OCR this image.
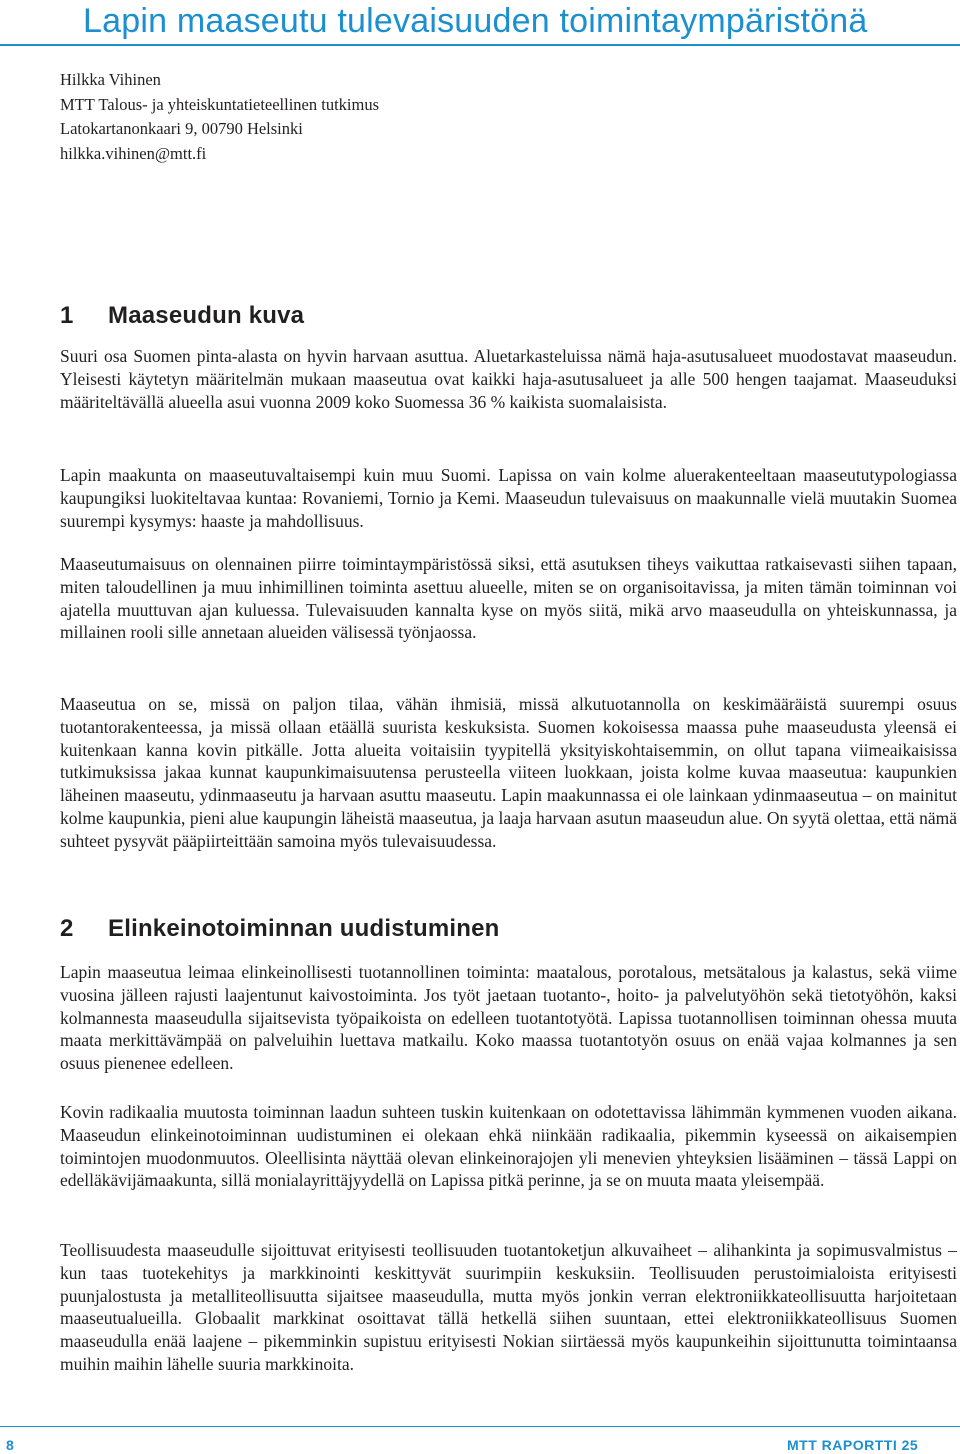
Lapin maaseutu tulevaisuuden toimintaympäristönä
Hilkka Vihinen
MTT Talous- ja yhteiskuntatieteellinen tutkimus
Latokartanonkaari 9, 00790 Helsinki
hilkka.vihinen@mtt.fi
1 Maaseudun kuva

Suuri osa Suomen pinta-alasta on hyvin harvaan asuttua. Aluetarkasteluissa nämä haja-asutusalueet muodostavat maaseudun. Yleisesti käytetyn määritelmän mukaan maaseutua ovat kaikki haja-asutusalueet ja alle 500 hengen taajamat. Maaseuduksi määriteltävällä alueella asui vuonna 2009 koko Suomessa 36 % kaikista suomalaisista.

Lapin maakunta on maaseutuvaltaisempi kuin muu Suomi. Lapissa on vain kolme aluerakenteeltaan maaseututypologiassa kaupungiksi luokiteltavaa kuntaa: Rovaniemi, Tornio ja Kemi. Maaseudun tulevaisuus on maakunnalle vielä muutakin Suomea suurempi kysymys: haaste ja mahdollisuus.

Maaseutumaisuus on olennainen piirre toimintaympäristössä siksi, että asutuksen tiheys vaikuttaa ratkaisevasti siihen tapaan, miten taloudellinen ja muu inhimillinen toiminta asettuu alueelle, miten se on organisoitavissa, ja miten tämän toiminnan voi ajatella muuttuvan ajan kuluessa. Tulevaisuuden kannalta kyse on myös siitä, mikä arvo maaseudulla on yhteiskunnassa, ja millainen rooli sille annetaan alueiden välisessä työnjaossa.

Maaseutua on se, missä on paljon tilaa, vähän ihmisiä, missä alkutuotannolla on keskimääräistä suurempi osuus tuotantorakenteessa, ja missä ollaan etäällä suurista keskuksista. Suomen kokoisessa maassa puhe maaseudusta yleensä ei kuitenkaan kanna kovin pitkälle. Jotta alueita voitaisiin tyypitellä yksityiskohtaisemmin, on ollut tapana viimeaikaisissa tutkimuksissa jakaa kunnat kaupunkimaisuutensa perusteella viiteen luokkaan, joista kolme kuvaa maaseutua: kaupunkien läheinen maaseutu, ydinmaaseutu ja harvaan asuttu maaseutu. Lapin maakunnassa ei ole lainkaan ydinmaaseutua – on mainitut kolme kaupunkia, pieni alue kaupungin läheistä maaseutua, ja laaja harvaan asutun maaseudun alue. On syytä olettaa, että nämä suhteet pysyvät pääpiirteittään samoina myös tulevaisuudessa.

2 Elinkeinotoiminnan uudistuminen

Lapin maaseutua leimaa elinkeinollisesti tuotannollinen toiminta: maatalous, porotalous, metsätalous ja kalastus, sekä viime vuosina jälleen rajusti laajentunut kaivostoiminta. Jos työt jaetaan tuotanto-, hoito- ja palvelutyöhön sekä tietotyöhön, kaksi kolmannesta maaseudulla sijaitsevista työpaikoista on edelleen tuotantotyötä. Lapissa tuotannollisen toiminnan ohessa muuta maata merkittävämpää on palveluihin luettava matkailu. Koko maassa tuotantotyön osuus on enää vajaa kolmannes ja sen osuus pienenee edelleen.

Kovin radikaalia muutosta toiminnan laadun suhteen tuskin kuitenkaan on odotettavissa lähimmän kymmenen vuoden aikana. Maaseudun elinkeinotoiminnan uudistuminen ei olekaan ehkä niinkään radikaalia, pikemmin kyseessä on aikaisempien toimintojen muodonmuutos. Oleellisinta näyttää olevan elinkeinorajojen yli menevien yhteyksien lisääminen – tässä Lappi on edelläkävijämaakunta, sillä monialayrittäjyydellä on Lapissa pitkä perinne, ja se on muuta maata yleisempää.

Teollisuudesta maaseudulle sijoittuvat erityisesti teollisuuden tuotantoketjun alkuvaiheet – alihankinta ja sopimusvalmistus – kun taas tuotekehitys ja markkinointi keskittyvät suurimpiin keskuksiin. Teollisuuden perustoimialoista erityisesti puunjalostusta ja metalliteollisuutta sijaitsee maaseudulla, mutta myös jonkin verran elektroniikkateollisuutta harjoitetaan maaseutualueilla. Globaalit markkinat osoittavat tällä hetkellä siihen suuntaan, ettei elektroniikkateollisuus Suomen maaseudulla enää laajene – pikemminkin supistuu erityisesti Nokian siirtäessä myös kaupunkeihin sijoittunutta toimintaansa muihin maihin lähelle suuria markkinoita.

8	MTT RAPORTTI 25
